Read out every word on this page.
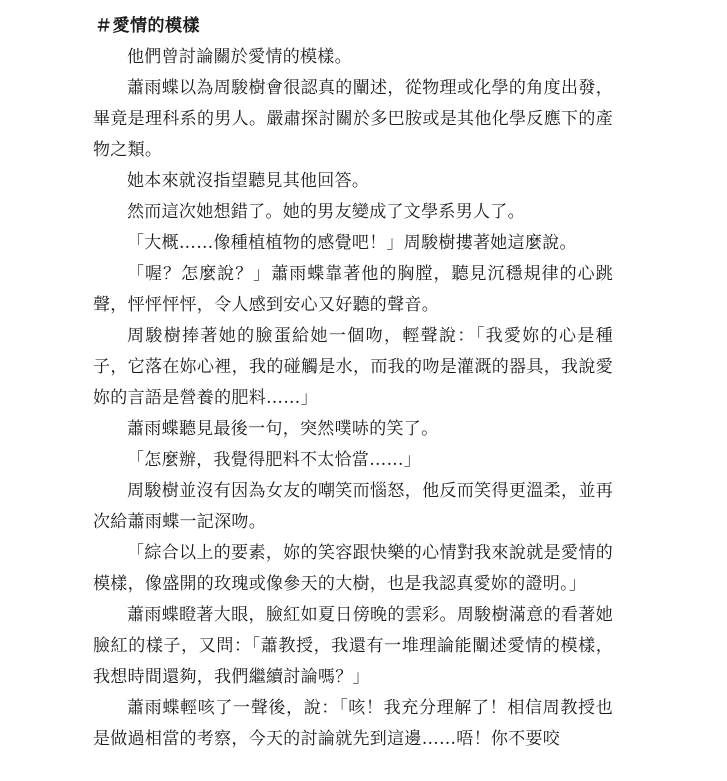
＃愛情的模樣

他們曾討論關於愛情的模樣。

蕭雨蝶以為周駿樹會很認真的闡述，從物理或化學的角度出發，畢竟是理科系的男人。嚴肅探討關於多巴胺或是其他化學反應下的產物之類。

她本來就沒指望聽見其他回答。

然而這次她想錯了。她的男友變成了文學系男人了。

「大概……像種植植物的感覺吧！」周駿樹摟著她這麼說。

「喔？怎麼說？」蕭雨蝶靠著他的胸膛，聽見沉穩規律的心跳聲，怦怦怦怦，令人感到安心又好聽的聲音。

周駿樹捧著她的臉蛋給她一個吻，輕聲說：「我愛妳的心是種子，它落在妳心裡，我的碰觸是水，而我的吻是灌溉的器具，我說愛妳的言語是營養的肥料……」

蕭雨蝶聽見最後一句，突然噗哧的笑了。

「怎麼辦，我覺得肥料不太恰當……」

周駿樹並沒有因為女友的嘲笑而惱怒，他反而笑得更溫柔，並再次給蕭雨蝶一記深吻。

「綜合以上的要素，妳的笑容跟快樂的心情對我來說就是愛情的模樣，像盛開的玫瑰或像參天的大樹，也是我認真愛妳的證明。」

蕭雨蝶瞪著大眼，臉紅如夏日傍晚的雲彩。周駿樹滿意的看著她臉紅的樣子，又問：「蕭教授，我還有一堆理論能闡述愛情的模樣，我想時間還夠，我們繼續討論嗎？」

蕭雨蝶輕咳了一聲後，說：「咳！我充分理解了！相信周教授也是做過相當的考察，今天的討論就先到這邊……唔！你不要咬
